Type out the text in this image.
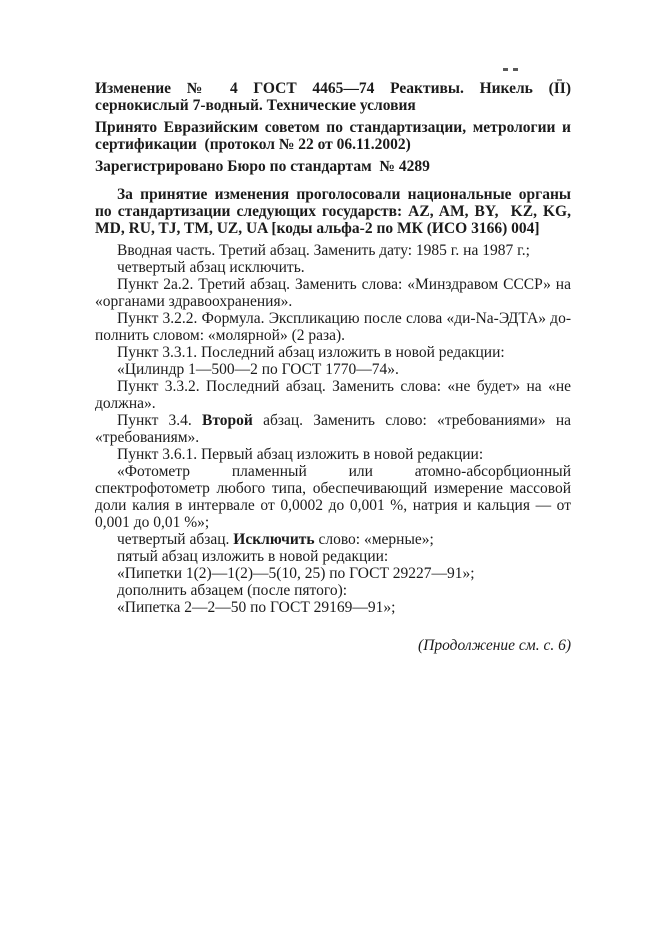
Изменение № 4 ГОСТ 4465—74 Реактивы. Никель (II) сернокислый 7-водный. Технические условия

Принято Евразийским советом по стандартизации, метрологии и сертификации  (протокол № 22 от 06.11.2002)

Зарегистрировано Бюро по стандартам  № 4289

За принятие изменения проголосовали национальные органы по стандартизации следующих государств: AZ, AM, BY,  KZ, KG, MD, RU, TJ, TM, UZ, UA [коды альфа-2 по МК (ИСО 3166) 004]

Вводная часть. Третий абзац. Заменить дату: 1985 г. на 1987 г.;

четвертый абзац исключить.

Пункт 2а.2. Третий абзац. Заменить слова: «Минздравом СССР» на «органами здравоохранения».

Пункт 3.2.2. Формула. Экспликацию после слова «ди-Na-ЭДТА» дополнить словом: «молярной» (2 раза).

Пункт 3.3.1. Последний абзац изложить в новой редакции:

«Цилиндр 1—500—2 по ГОСТ 1770—74».

Пункт 3.3.2. Последний абзац. Заменить слова: «не будет» на «не должна».

Пункт 3.4. Второй абзац. Заменить слово: «требованиями» на «требованиям».

Пункт 3.6.1. Первый абзац изложить в новой редакции:

«Фотометр пламенный или атомно-абсорбционный спектрофотометр любого типа, обеспечивающий измерение массовой доли калия в интервале от 0,0002 до 0,001 %, натрия и кальция — от 0,001 до 0,01 %»;

четвертый абзац. Исключить слово: «мерные»;

пятый абзац изложить в новой редакции:

«Пипетки 1(2)—1(2)—5(10, 25) по ГОСТ 29227—91»;

дополнить абзацем (после пятого):

«Пипетка 2—2—50 по ГОСТ 29169—91»;

(Продолжение см. с. 6)
